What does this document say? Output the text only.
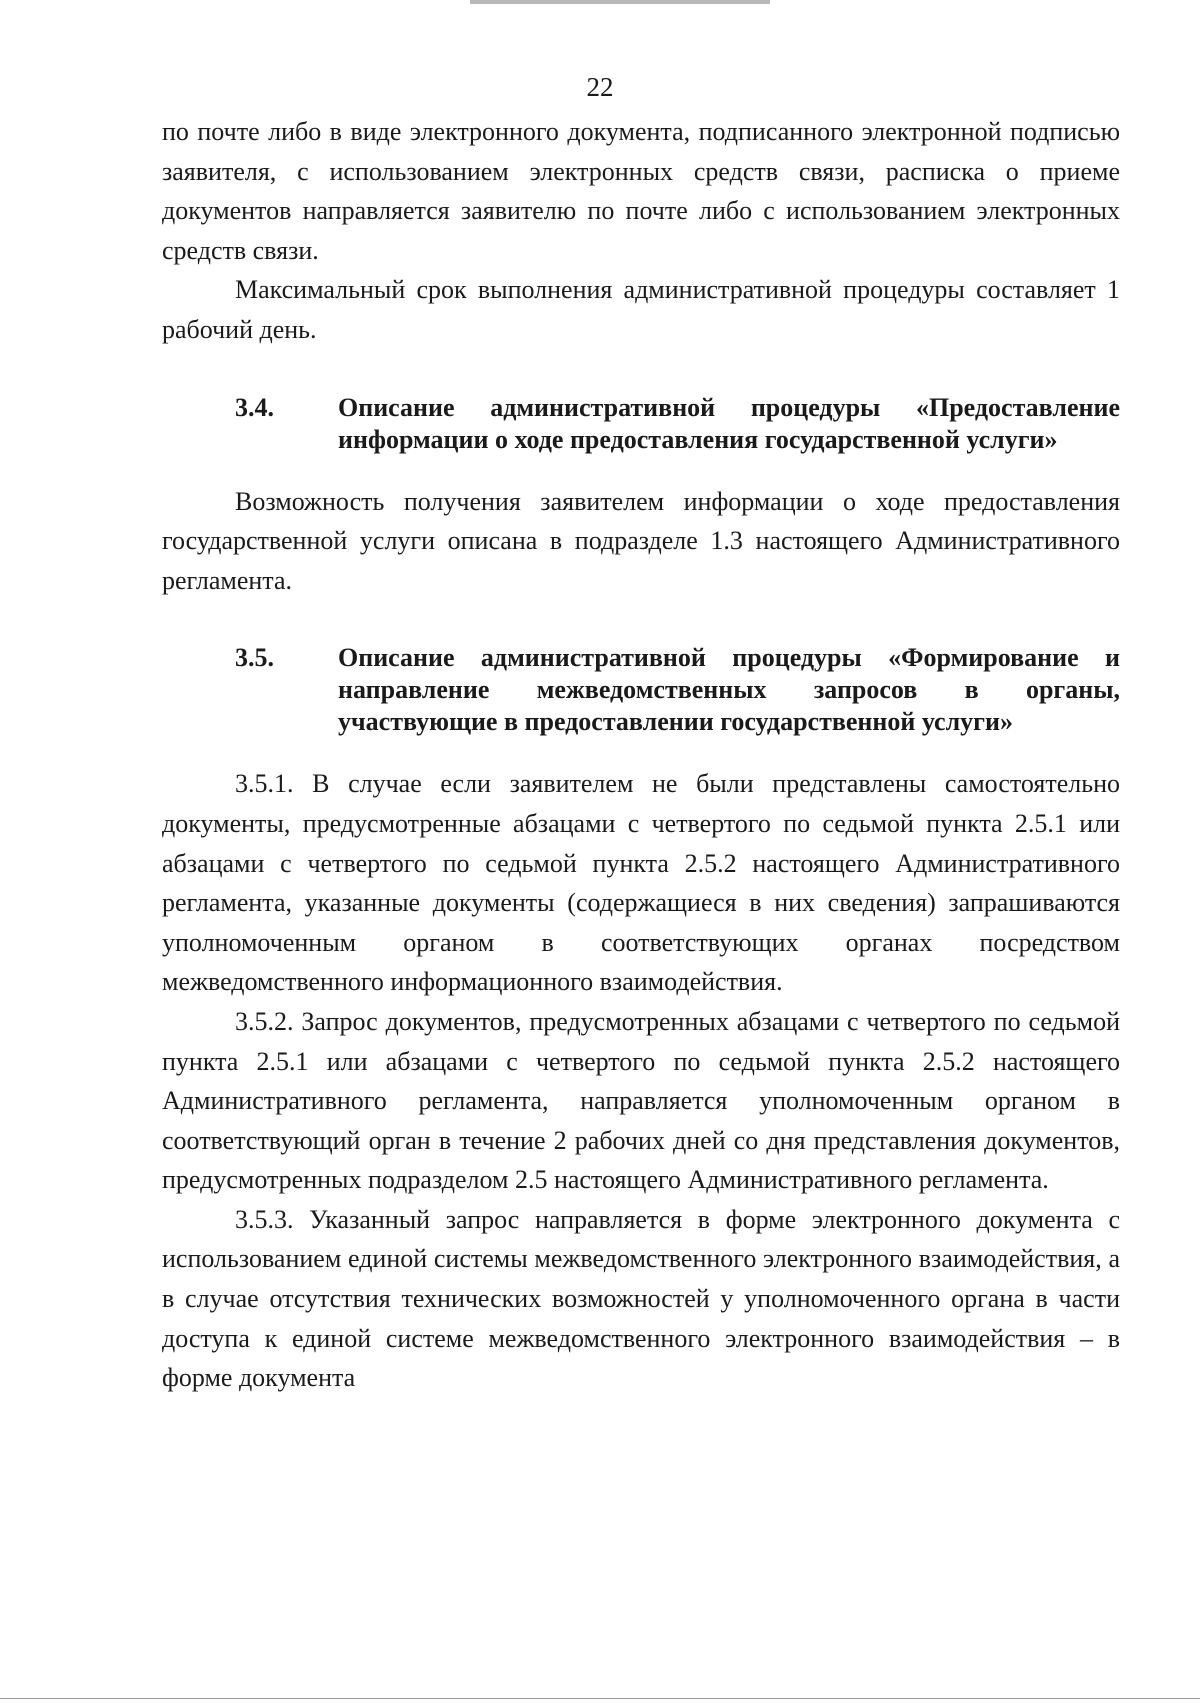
22

по почте либо в виде электронного документа, подписанного электронной подписью заявителя, с использованием электронных средств связи, расписка о приеме документов направляется заявителю по почте либо с использованием электронных средств связи.

Максимальный срок выполнения административной процедуры составляет 1 рабочий день.

3.4.	Описание административной процедуры «Предоставление информации о ходе предоставления государственной услуги»

Возможность получения заявителем информации о ходе предоставления государственной услуги описана в подразделе 1.3 настоящего Административного регламента.

3.5.	Описание административной процедуры «Формирование и направление межведомственных запросов в органы, участвующие в предоставлении государственной услуги»

3.5.1. В случае если заявителем не были представлены самостоятельно документы, предусмотренные абзацами с четвертого по седьмой пункта 2.5.1 или абзацами с четвертого по седьмой пункта 2.5.2 настоящего Административного регламента, указанные документы (содержащиеся в них сведения) запрашиваются уполномоченным органом в соответствующих органах посредством межведомственного информационного взаимодействия.

3.5.2. Запрос документов, предусмотренных абзацами с четвертого по седьмой пункта 2.5.1 или абзацами с четвертого по седьмой пункта 2.5.2 настоящего Административного регламента, направляется уполномоченным органом в соответствующий орган в течение 2 рабочих дней со дня представления документов, предусмотренных подразделом 2.5 настоящего Административного регламента.

3.5.3. Указанный запрос направляется в форме электронного документа с использованием единой системы межведомственного электронного взаимодействия, а в случае отсутствия технических возможностей у уполномоченного органа в части доступа к единой системе межведомственного электронного взаимодействия – в форме документа
